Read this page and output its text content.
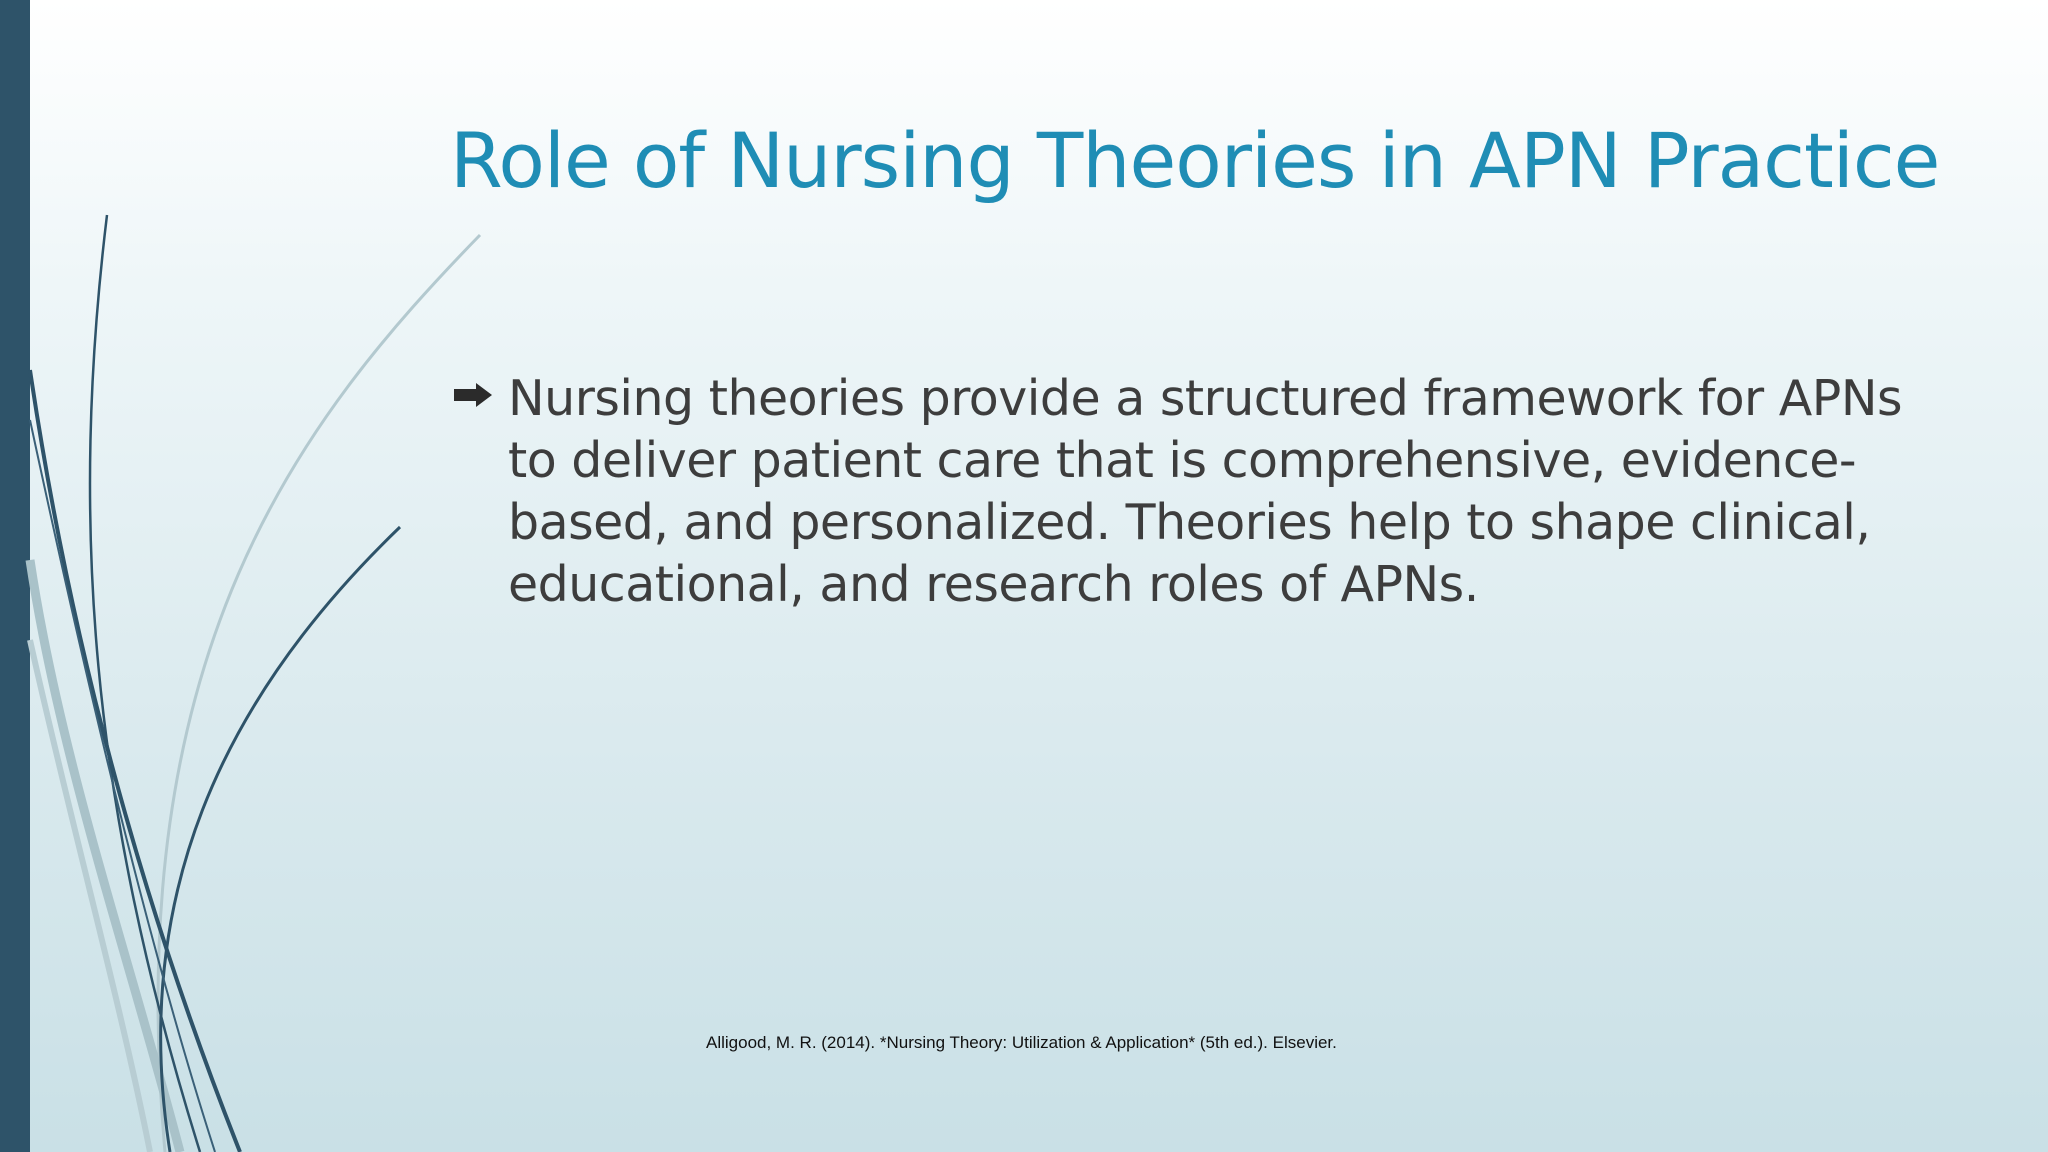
Role of Nursing Theories in APN Practice
Nursing theories provide a structured framework for APNs to deliver patient care that is comprehensive, evidence-based, and personalized. Theories help to shape clinical, educational, and research roles of APNs.
Alligood, M. R. (2014). *Nursing Theory: Utilization & Application* (5th ed.). Elsevier.
